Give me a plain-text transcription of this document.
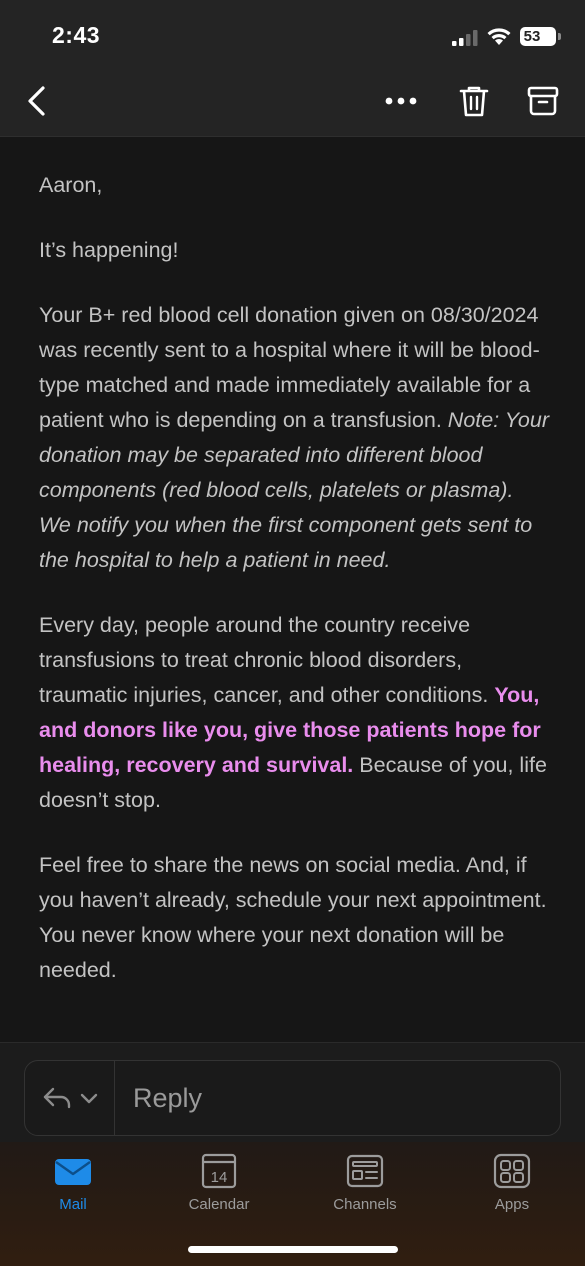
2:43	53

Aaron,

It’s happening!

Your B+ red blood cell donation given on 08/30/2024 was recently sent to a hospital where it will be blood-type matched and made immediately available for a patient who is depending on a transfusion. Note: Your donation may be separated into different blood components (red blood cells, platelets or plasma). We notify you when the first component gets sent to the hospital to help a patient in need.

Every day, people around the country receive transfusions to treat chronic blood disorders, traumatic injuries, cancer, and other conditions. You, and donors like you, give those patients hope for healing, recovery and survival. Because of you, life doesn’t stop.

Feel free to share the news on social media. And, if you haven’t already, schedule your next appointment. You never know where your next donation will be needed.

Reply
Mail
14
Calendar	Channels	Apps
